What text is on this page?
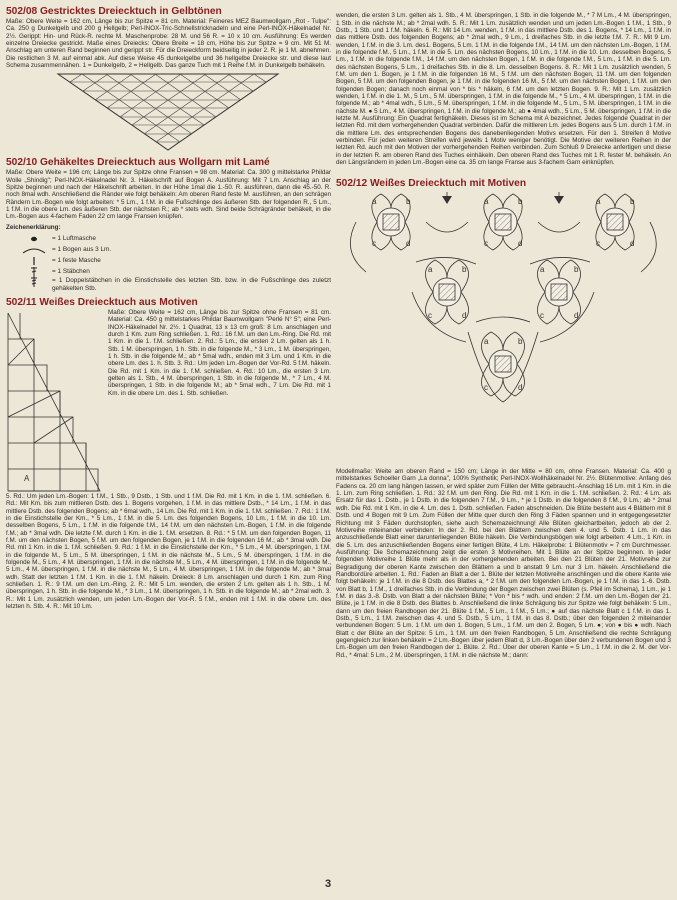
502/08 Gestricktes Dreiecktuch in Gelbtönen

Maße: Obere Weite = 162 cm, Länge bis zur Spitze = 81 cm. Material: Feineres MEZ Baumwollgarn „Rot - Tulpe": Ca. 250 g Dunkelgelb und 200 g Hellgelb; Perl-INOX-Tric-Schnellstricknadeln und eine Perl-INOX-Häkelnadel Nr. 2½. Gerippt: Hin- und Rück-R. rechte M. Maschenprobe: 28 M. und 56 R. = 10 x 10 cm. Ausführung: Es werden einzelne Dreiecke gestrickt. Maße eines Dreiecks: Obere Breite = 18 cm, Höhe bis zur Spitze = 9 cm. Mit 51 M. Anschlag am unteren Rand beginnen und gerippt str. Für die Dreieckform beidseitig in jeder 2. R. je 1 M. abnehmen. Die restlichen 3 M. auf einmal abk. Auf diese Weise 45 dunkelgelbe und 36 hellgelbe Dreiecke str. und diese laut Schema zusammennähen. 1 = Dunkelgelb, 2 = Hellgelb. Das ganze Tuch mit 1 Reihe f.M. in Dunkelgelb behäkeln.

502/10 Gehäkeltes Dreiecktuch aus Wollgarn mit Lamé

Maße: Obere Weite = 196 cm; Länge bis zur Spitze ohne Fransen = 98 cm. Material: Ca. 300 g mittelstarke Phildar Wolle „Shindig"; Perl-INOX-Häkelnadel Nr. 3. Häkelschrift auf Bogen A. Ausführung: Mit 7 Lm. Anschlag an der Spitze beginnen und nach der Häkelschrift arbeiten. In der Höhe 1mal die 1.-50. R. ausführen, dann die 45.-50. R. noch 8mal wdh. Anschließend die Ränder wie folgt behäkeln: Am oberen Rand feste M. ausführen, an den schrägen Rändern Lm.-Bogen wie folgt arbeiten: * 5 Lm., 1 f.M. in die Fußschlinge des äußeren Stb. der folgenden R., 5 Lm., 1 f.M. in die obere Lm. des äußeren Stb. der nächsten R.; ab * stets wdh. Sind beide Schrägränder behäkelt, in die Lm.-Bogen aus 4-fachem Faden 22 cm lange Fransen knüpfen.

Zeichenerklärung:

= 1 Luftmasche
= 1 Bogen aus 3 Lm.
= 1 feste Masche
= 1 Stäbchen
= 1 Doppelstäbchen in die Einstichstelle des letzten Stb. bzw. in die Fußschlinge des zuletzt gehäkelten Stb.

502/11 Weißes Dreiecktuch aus Motiven

A

Maße: Obere Weite = 162 cm, Länge bis zur Spitze ohne Fransen = 81 cm. Material: Ca. 450 g mittelstarkes Phildar Baumwollgarn "Perlé N° 5"; eine Perl-INOX-Häkelnadel Nr. 2½. 1 Quadrat, 13 x 13 cm groß: 8 Lm. anschlagen und durch 1 Km. zum Ring schließen. 1. Rd.: 16 f.M. um den Lm.-Ring. Die Rd. mit 1 Km. in die 1. f.M. schließen. 2. Rd.: 5 Lm., die ersten 2 Lm. gelten als 1 h. Stb. 1 M. überspringen, 1 h. Stb. in die folgende M., * 3 Lm., 1 M. überspringen, 1 h. Stb. in die folgende M.; ab * 5mal wdh., enden mit 3 Lm. und 1 Km. in die obere Lm. des 1. h. Stb. 3. Rd.: Um jeden Lm.-Bogen der Vor-Rd. 5 f.M. häkeln. Die Rd. mit 1 Km. in die 1. f.M. schließen. 4. Rd.: 10 Lm., die ersten 3 Lm. gelten als 1. Stb., 4 M. überspringen, 1 Stb. in die folgende M., * 7 Lm., 4 M. überspringen, 1 Stb. in die folgende M.; ab * 5mal wdh., 7 Lm. Die Rd. mit 1 Km. in die obere Lm. des 1. Stb. schließen.

5. Rd.: Um jeden Lm.-Bogen: 1 f.M., 1 Stb., 9 Dstb., 1 Stb. und 1 f.M. Die Rd. mit 1 Km. in die 1. f.M. schließen. 6. Rd.: Mit Km. bis zum mittleren Dstb. des 1. Bogens vorgehen, 1 f.M. in das mittlere Dstb., * 14 Lm., 1 f.M. in das mittlere Dstb. des folgenden Bogens; ab * 6mal wdh., 14 Lm. Die Rd. mit 1 Km. in die 1. f.M. schließen. 7. Rd.: 1 f.M. in die Einstichstelle der Km., * 5 Lm., 1 f.M. in die 5. Lm. des folgenden Bogens, 10 Lm., 1 f.M. in die 10. Lm. desselben Bogens, 5 Lm., 1 f.M. in die folgende f.M., 14 f.M. um den nächsten Lm.-Bogen, 1 f.M. in die folgende f.M.; ab * 3mal wdh. Die letzte f.M. durch 1 Km. in die 1. f.M. ersetzen. 8. Rd.: * 5 f.M. um den folgenden Bogen, 11 f.M. um den nächsten Bogen, 5 f.M. um den folgenden Bogen, je 1 f.M. in die folgenden 16 M.; ab * 3mal wdh. Die Rd. mit 1 Km. in die 1. f.M. schließen. 9. Rd.: 1 f.M. in die Einstichstelle der Km., * 5 Lm., 4 M. überspringen, 1 f.M. in die folgende M., 5 Lm., 5 M. überspringen, 1 f.M. in die nächste M., 5 Lm., 5 M. überspringen, 1 f.M. in die folgende M., 5 Lm., 4 M. überspringen, 1 f.M. in die nächste M., 5 Lm., 4 M. überspringen, 1 f.M. in die folgende M., 5 Lm., 4 M. überspringen, 1 f.M. in die nächste M., 5 Lm., 4 M. überspringen, 1 f.M. in die folgende M.; ab * 3mal wdh. Statt der letzten 1 f.M. 1 Km. in die 1. f.M. häkeln. Dreieck: 8 Lm. anschlagen und durch 1 Km. zum Ring schließen. 1. R.: 9 f.M. um den Lm.-Ring. 2. R.: Mit 5 Lm. wenden, die ersten 2 Lm. gelten als 1 h. Stb., 1 M. überspringen, 1 h. Stb. in die folgende M., * 3 Lm., 1 M. überspringen, 1 h. Stb. in die folgende M.; ab * 2mal wdh. 3. R.: Mit 1 Lm. zusätzlich wenden, um jeden Lm.-Bogen der Vor-R. 5 f.M., enden mit 1 f.M. in die obere Lm. des letzten h. Stb. 4. R.: Mit 10 Lm.

wenden, die ersten 3 Lm. gelten als 1. Stb., 4 M. überspringen, 1 Stb. in die folgende M., * 7 M Lm., 4 M. überspringen, 1 Stb. in die nächste M.; ab * 2mal wdh. 5. R.: Mit 1 Lm. zusätzlich wenden und um jeden Lm.-Bogen 1 f.M., 1 Stb., 9 Dstb., 1 Stb. und 1 f.M. häkeln. 6. R.: Mit 14 Lm. wenden, 1 f.M. in das mittlere Dstb. des 1. Bogens, * 14 Lm., 1 f.M. in das mittlere Dstb. des folgenden Bogens; ab * 2mal wdh., 9 Lm., 1 dreifaches Stb. in die letzte f.M. 7. R.: Mit 9 Lm. wenden, 1 f.M. in die 3. Lm. des1. Bogens, 5 Lm. 1 f.M. in die folgende f.M., 14 f.M. um den nächsten Lm.-Bogen, 1 f.M. in die folgende f.M., 5 Lm., 1 f.M. in die 5. Lm. des nächsten Bogens, 10 Lm., 1 f.M. in die 10. Lm. desselben Bogens, 5 Lm., 1 f.M. in die folgende f.M., 14 f.M. um den nächsten Bogen, 1 f.M. in die folgende f.M., 5 Lm., 1 f.M. in die 5. Lm. des nächsten Bogens, 5 Lm., 1 dreifaches Stb. in die 8. Lm. desselben Bogens. 8. R.: Mit 1 Lm. zusätzlich wenden, 5 f.M. um den 1. Bogen, je 1 f.M. in die folgenden 16 M., 5 f.M. um den nächsten Bogen, 11 f.M. um den folgenden Bogen, 5 f.M. um den folgenden Bogen, je 1 f.M. in die folgenden 16 M., 5 f.M. um den nächsten Bogen, 1 f.M. um den folgenden Bogen; danach noch einmal von * bis * häkeln, 6 f.M. um den letzten Bogen. 9. R.: Mit 1 Lm. zusätzlich wenden, 1 f.M. in die 1. M., 5 Lm., 5 M. überspringen, 1 f.M. in die folgende M., * 5 Lm., 4 M. überspringen, 1 f.M. in die folgende M.; ab * 4mal wdh., 5 Lm., 5 M. überspringen, 1 f.M. in die folgende M., 5 Lm., 5 M. überspringen, 1 f.M. in die nächste M. ● 5 Lm., 4 M. überspringen, 1 f.M. in die folgende M.; ab ● 4mal wdh., 5 Lm., 5 M. überspringen, 1 f.M. in die letzte M. Ausführung: Ein Quadrat fertighäkeln. Dieses ist im Schema mit A bezeichnet. Jedes folgende Quadrat in der letzten Rd. mit dem vorhergehenden Quadrat verbinden. Dafür die mittleren Lm. jedes Bogens aus 5 Lm. durch 1 f.M. in die mittlere Lm. des entsprechenden Bogens des danebenliegenden Motivs ersetzen. Für den 1. Streifen 8 Motive verbinden. Für jeden weiteren Streifen wird jeweils 1 Motiv weniger benötigt. Die Motive der weiteren Reihen in der letzten Rd. auch mit den Motiven der vorhergehenden Reihen verbinden. Zum Schluß 9 Dreiecke anfertigen und diese in der letzten R. am oberen Rand des Tuches einhäkeln. Den oberen Rand des Tuches mit 1 R. fester M. behäkeln. An den Längsrändern in jeden Lm.-Bogen eine ca. 35 cm lange Franse aus 3-fachem Garn einknüpfen.

502/12 Weißes Dreiecktuch mit Motiven

a	b	a	b	a	b
c	d	c	d	c	d
a	b	a	b
c	d	c	d
a	b
c	d

Modellmaße: Weite am oberen Rand = 150 cm; Länge in der Mitte = 80 cm, ohne Fransen. Material: Ca. 400 g mittelstarkes Schoeller Garn „La donna", 100% Synthetik; Perl-INOX-Wollhäkelnadel Nr. 2½. Blütenmotive: Anfang des Fadens ca. 20 cm lang hängen lassen, er wird später zum Füllen der Mitte gebraucht.-Anschlag 16 Lm. mit 1 Km. in die 1. Lm. zum Ring schließen. 1. Rd.: 32 f.M. um den Ring. Die Rd. mit 1 Km. in die 1. f.M. schließen. 2. Rd.: 4 Lm. als Ersatz für das 1. Dstb., je 1 Dstb. in die folgenden 7 f.M., 9 Lm., * je 1 Dstb. in die folgenden 8 f.M., 9 Lm.; ab * 2mal wdh. Die Rd. mit 1 Km. in die 4. Lm. des 1. Dstb. schließen. Faden abschneiden. Die Blüte besteht aus 4 Blättern mit 8 Dstb. und 4 Bogen mit 9 Lm. Zum Füllen der Mitte quer durch den Ring 3 Fäden spannen und in entgegengesetzter Richtung mit 3 Fäden durchstopfen, siehe auch Schemazeichnung! Alle Blüten gleichartbeiten, jedoch ab der 2. Motivreihe miteinander verbinden: In der 2. Rd. bei den Blättern zwischen dem 4. und 5. Dstb. 1 Lm. in das anzuschließende Blatt einer darunterliegenden Blüte häkeln. Die Verbindungsbögen wie folgt arbeiten: 4 Lm., 1 Km. in die 5. Lm. des anzuschließenden Bogens einer fertigen Blüte, 4 Lm. Häkelprobe: 1 Blütenmotiv = 7 cm Durchmesser. Ausführung: Die Schemazeichnung zeigt die ersten 3 Motivreihen. Mit 1 Blüte an der Spitze beginnen. In jeder folgenden Motivreihe 1 Blüte mehr als in der vorhergehenden arbeiten. Bei den 21 Blüten der 21. Motivreihe zur Begradigung der oberen Kante zwischen den Blättern a und b anstatt 9 Lm. nur 3 Lm. häkeln. Anschließend die Randbordüre arbeiten. 1. Rd.: Faden an Blatt a der 1. Blüte der letzten Motivreihe anschlingen und die obere Kante wie folgt behäkeln: je 1 f.M. in die 8 Dstb. des Blattes a, * 2 f.M. um den folgenden Lm.-Bogen, je 1 f.M. in das 1.-6. Dstb. von Blatt b, 1 f.M., 1 dreifaches Stb. in die Verbindung der Bogen zwischen zwei Blüten (s. Pfeil im Schema), 1 Lm., je 1 f.M. in das 3.-8. Dstb. von Blatt a der nächsten Blüte; * Von * bis * wdh. und enden: 2 f.M. um den Lm.-Bogen der 21. Blüte, je 1 f.M. in die 8 Dstb. des Blattes b. Anschließend die linke Schrägung bis zur Spitze wie folgt behäkeln: 5 Lm., dann um den freien Randbogen der 21. Blüte 1 f.M., 5 Lm., 1 f.M., 5 Lm.; ● auf das nächste Blatt c 1 f.M. in das 1. Dstb., 5 Lm., 1 f.M. zwischen das 4. und 5. Dstb., 5 Lm., 1 f.M. in das 8. Dstb.; über den folgenden 2 miteinander verbundenen Bogen: 5 Lm. 1 f.M. um den 1. Bogen, 5 Lm., 1 f.M. um den 2. Bogen, 5 Lm. ●; von ● bis ● wdh. Nach Blatt c der Blüte an der Spitze: 5 Lm., 1 f.M. um den freien Randbogen, 5 Lm. Anschließend die rechte Schrägung gegengleich zur linken behäkeln = 2 Lm.-Bogen über jedem Blatt d, 3 Lm.-Bogen über den 2 verbundenen Bogen und 3 Lm.-Bogen um den freien Randbogen der 1. Blüte. 2. Rd.: Über der oberen Kante = 5 Lm., 1 f.M. in die 2. M. der Vor-Rd., * 4mal: 5 Lm., 2 M. überspringen, 1 f.M. in die nächste M.; dann:

3
